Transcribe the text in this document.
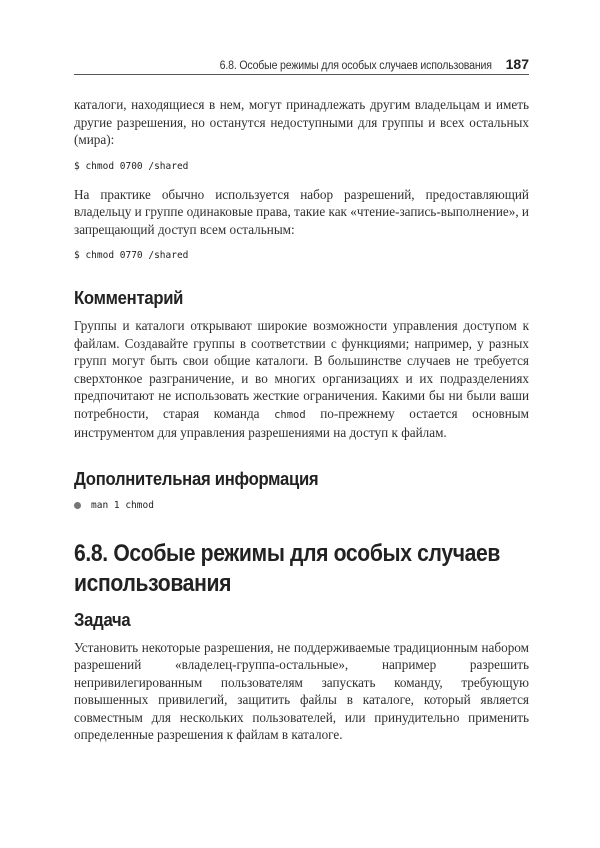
6.8. Особые режимы для особых случаев использования 187

каталоги, находящиеся в нем, могут принадлежать другим владельцам и иметь другие разрешения, но останутся недоступными для группы и всех остальных (мира):

$ chmod 0700 /shared

На практике обычно используется набор разрешений, предоставляющий владельцу и группе одинаковые права, такие как «чтение-запись-выполнение», и запрещающий доступ всем остальным:

$ chmod 0770 /shared
Комментарий

Группы и каталоги открывают широкие возможности управления доступом к файлам. Создавайте группы в соответствии с функциями; например, у разных групп могут быть свои общие каталоги. В большинстве случаев не требуется сверхтонкое разграничение, и во многих организациях и их подразделениях предпочитают не использовать жесткие ограничения. Какими бы ни были ваши потребности, старая команда chmod по-прежнему остается основным инструментом для управления разрешениями на доступ к файлам.

Дополнительная информация
man 1 chmod
6.8. Особые режимы для особых случаев использования
Задача

Установить некоторые разрешения, не поддерживаемые традиционным набором разрешений «владелец-группа-остальные», например разрешить непривилегированным пользователям запускать команду, требующую повышенных привилегий, защитить файлы в каталоге, который является совместным для нескольких пользователей, или принудительно применить определенные разрешения к файлам в каталоге.
